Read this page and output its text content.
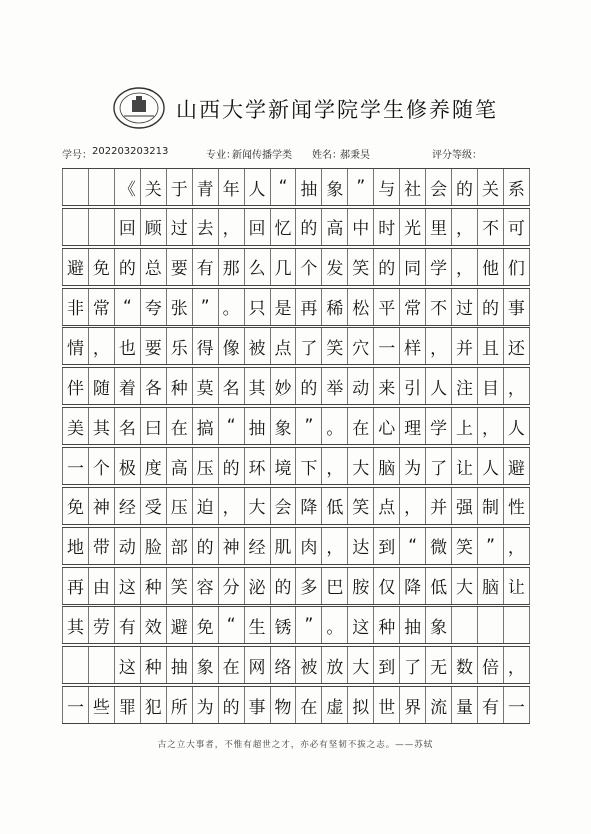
山西大学新闻学院学生修养随笔
学号： 202203203213	专业：
新闻传播学类 姓名：
郝秉昊	评分等级：
《 关 于 青 年 人 “ 抽 象 ” 与 社 会 的 关 系
回 顾 过 去 ， 回 忆 的 高 中 时 光 里 ， 不 可
避 免 的 总 要 有 那 么 几 个 发 笑 的 同 学 ， 他 们
非 常 “ 夸 张 ” 。 只 是 再 稀 松 平 常 不 过 的 事
情 ， 也 要 乐 得 像 被 点 了 笑 穴 一 样 ， 并 且 还
伴 随 着 各 种 莫 名 其 妙 的 举 动 来 引 人 注 目 ，
美 其 名 曰 在 搞 “ 抽 象 ” 。 在 心 理 学 上 ， 人
一 个 极 度 高 压 的 环 境 下 ， 大 脑 为 了 让 人 避
免 神 经 受 压 迫 ， 大 会 降 低 笑 点 ， 并 强 制 性
地 带 动 脸 部 的 神 经 肌 肉 ， 达 到 “ 微 笑 ” ，
再 由 这 种 笑 容 分 泌 的 多 巴 胺 仅 降 低 大 脑 让
其 劳 有 效 避 免 “ 生 锈 ” 。 这 种 抽 象
这 种 抽 象 在 网 络 被 放 大 到 了 无 数 倍 ，
一 些 罪 犯 所 为 的 事 物 在 虚 拟 世 界 流 量 有 一
古之立大事者，不惟有超世之才，亦必有坚韧不拔之志。——苏轼
